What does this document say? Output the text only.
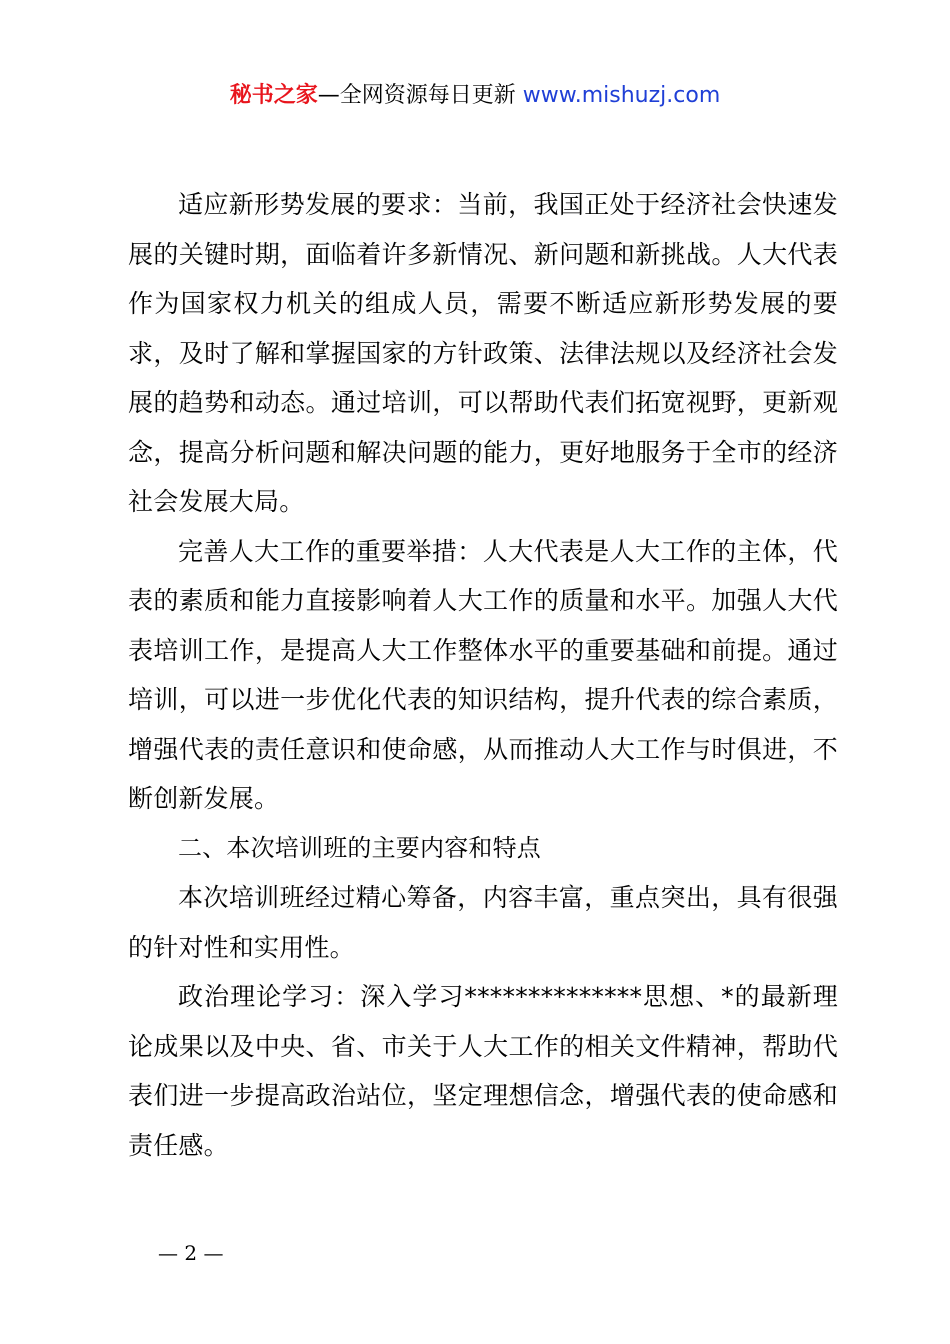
秘书之家—全网资源每日更新 www.mishuzj.com

适应新形势发展的要求：当前，我国正处于经济社会快速发展的关键时期，面临着许多新情况、新问题和新挑战。人大代表作为国家权力机关的组成人员，需要不断适应新形势发展的要求，及时了解和掌握国家的方针政策、法律法规以及经济社会发展的趋势和动态。通过培训，可以帮助代表们拓宽视野，更新观念，提高分析问题和解决问题的能力，更好地服务于全市的经济社会发展大局。

完善人大工作的重要举措：人大代表是人大工作的主体，代表的素质和能力直接影响着人大工作的质量和水平。加强人大代表培训工作，是提高人大工作整体水平的重要基础和前提。通过培训，可以进一步优化代表的知识结构，提升代表的综合素质，增强代表的责任意识和使命感，从而推动人大工作与时俱进，不断创新发展。

二、本次培训班的主要内容和特点

本次培训班经过精心筹备，内容丰富，重点突出，具有很强的针对性和实用性。

政治理论学习：深入学习**************思想、*的最新理论成果以及中央、省、市关于人大工作的相关文件精神，帮助代表们进一步提高政治站位，坚定理想信念，增强代表的使命感和责任感。

— 2 —
